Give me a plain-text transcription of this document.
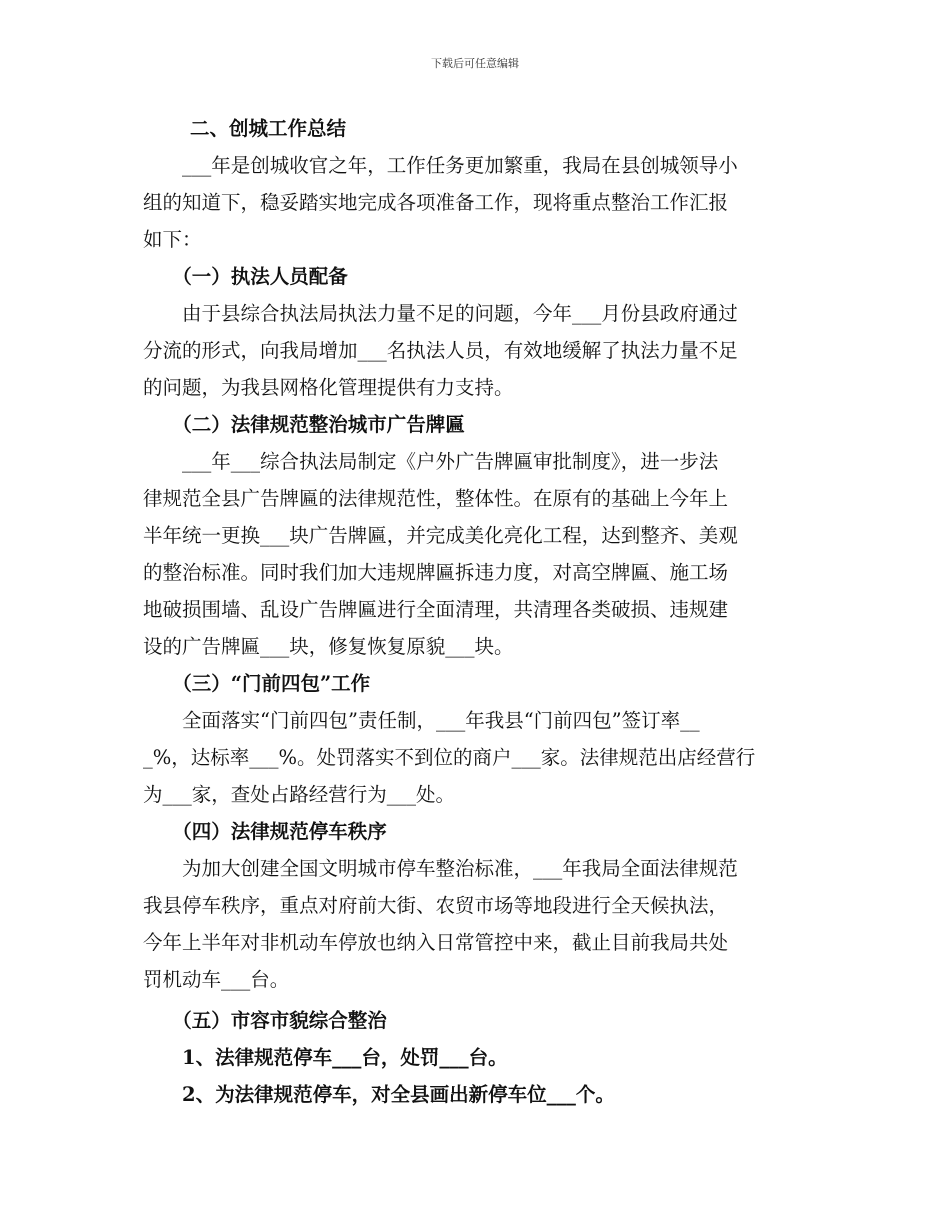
下载后可任意编辑
二、创城工作总结
　　___年是创城收官之年，工作任务更加繁重，我局在县创城领导小
组的知道下，稳妥踏实地完成各项准备工作，现将重点整治工作汇报
如下：
　　（一）执法人员配备
　　由于县综合执法局执法力量不足的问题，今年___月份县政府通过
分流的形式，向我局增加___名执法人员，有效地缓解了执法力量不足
的问题，为我县网格化管理提供有力支持。
　　（二）法律规范整治城市广告牌匾
　　___年___综合执法局制定《户外广告牌匾审批制度》，进一步法
律规范全县广告牌匾的法律规范性，整体性。在原有的基础上今年上
半年统一更换___块广告牌匾，并完成美化亮化工程，达到整齐、美观
的整治标准。同时我们加大违规牌匾拆违力度，对高空牌匾、施工场
地破损围墙、乱设广告牌匾进行全面清理，共清理各类破损、违规建
设的广告牌匾___块，修复恢复原貌___块。
　　（三）“门前四包”工作
　　全面落实“门前四包”责任制，___年我县“门前四包”签订率__
_%，达标率___%。处罚落实不到位的商户___家。法律规范出店经营行
为___家，查处占路经营行为___处。
　　（四）法律规范停车秩序
　　为加大创建全国文明城市停车整治标准，___年我局全面法律规范
我县停车秩序，重点对府前大街、农贸市场等地段进行全天候执法，
今年上半年对非机动车停放也纳入日常管控中来，截止目前我局共处
罚机动车___台。
　　（五）市容市貌综合整治
　　1、法律规范停车___台，处罚___台。
　　2、为法律规范停车，对全县画出新停车位___个。
